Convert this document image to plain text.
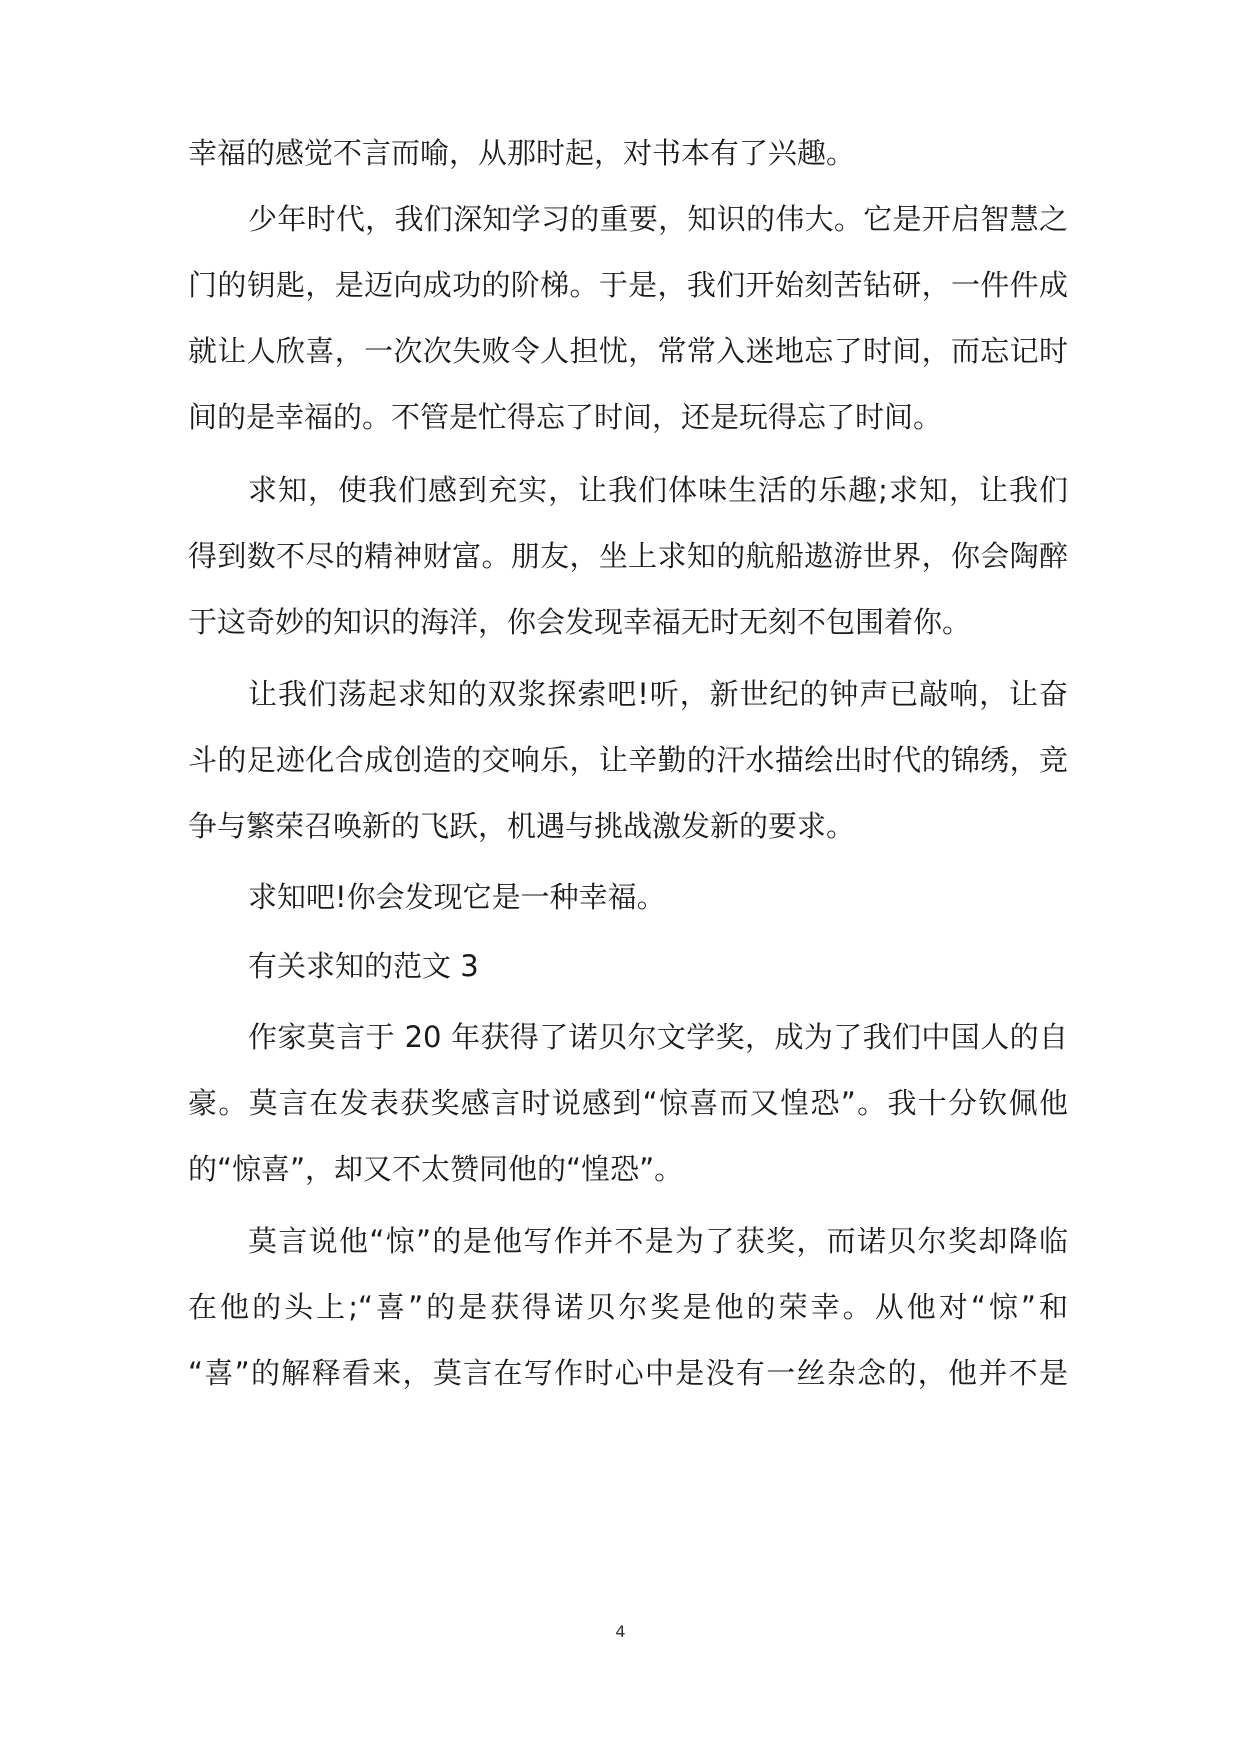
幸福的感觉不言而喻，从那时起，对书本有了兴趣。
少年时代，我们深知学习的重要，知识的伟大。它是开启智慧之
门的钥匙，是迈向成功的阶梯。于是，我们开始刻苦钻研，一件件成
就让人欣喜，一次次失败令人担忧，常常入迷地忘了时间，而忘记时
间的是幸福的。不管是忙得忘了时间，还是玩得忘了时间。
求知，使我们感到充实，让我们体味生活的乐趣;求知，让我们
得到数不尽的精神财富。朋友，坐上求知的航船遨游世界，你会陶醉
于这奇妙的知识的海洋，你会发现幸福无时无刻不包围着你。
让我们荡起求知的双浆探索吧!听，新世纪的钟声已敲响，让奋
斗的足迹化合成创造的交响乐，让辛勤的汗水描绘出时代的锦绣，竞
争与繁荣召唤新的飞跃，机遇与挑战激发新的要求。
求知吧!你会发现它是一种幸福。
有关求知的范文 3
作家莫言于 20 年获得了诺贝尔文学奖，成为了我们中国人的自
豪。莫言在发表获奖感言时说感到“惊喜而又惶恐”。我十分钦佩他
的“惊喜”，却又不太赞同他的“惶恐”。
莫言说他“惊”的是他写作并不是为了获奖，而诺贝尔奖却降临
在他的头上;“喜”的是获得诺贝尔奖是他的荣幸。从他对“惊”和
“喜”的解释看来，莫言在写作时心中是没有一丝杂念的，他并不是
4
